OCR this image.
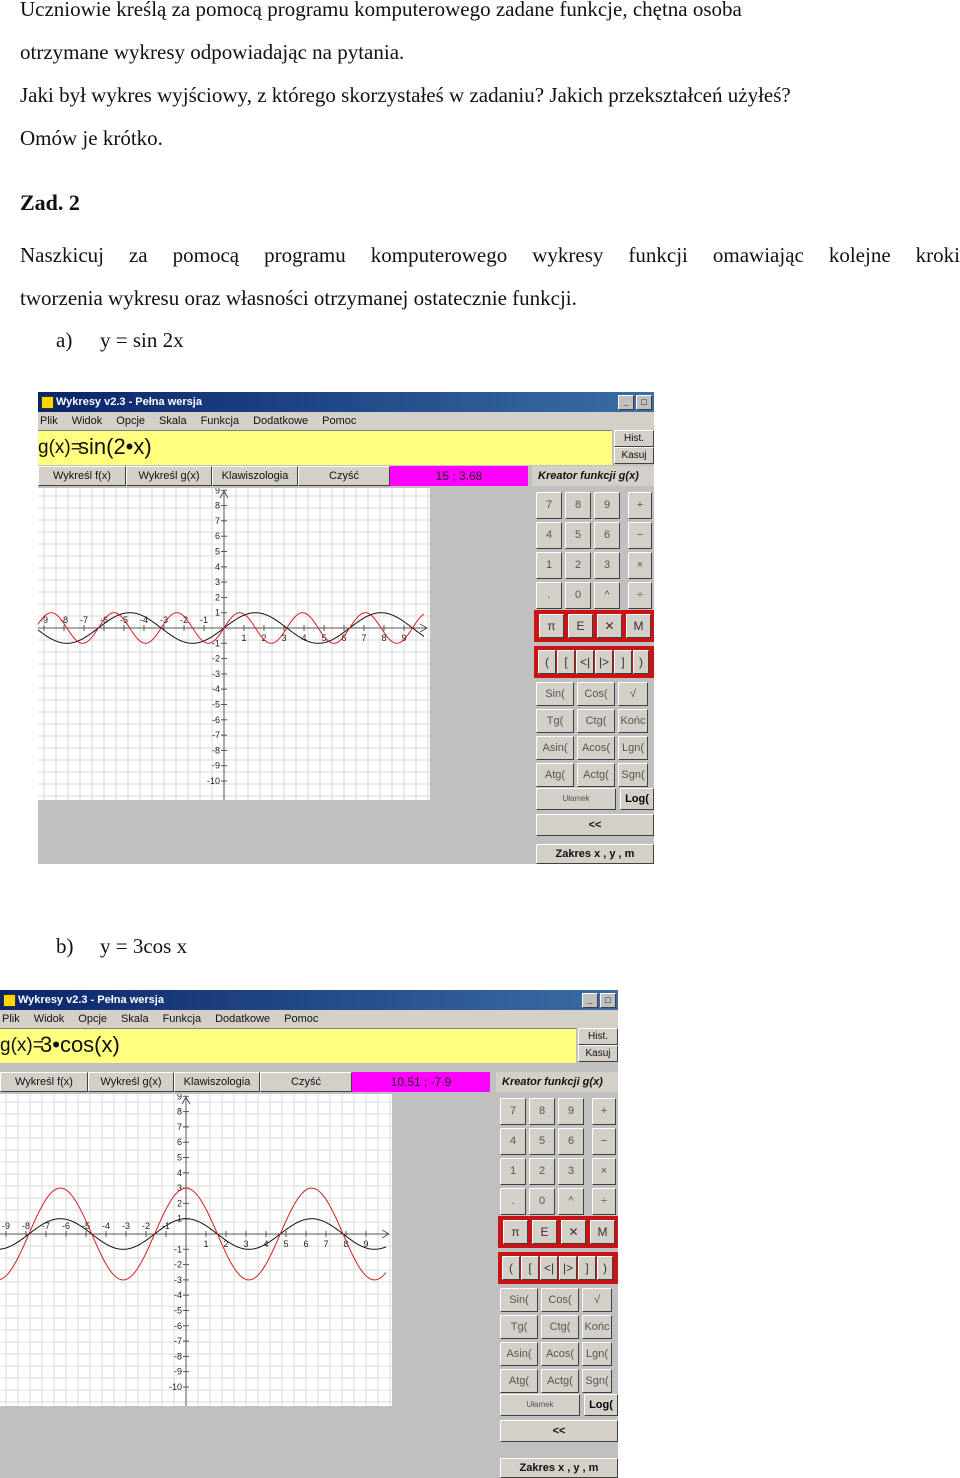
Uczniowie kreślą za pomocą programu komputerowego zadane funkcje, chętna osoba
otrzymane wykresy odpowiadając na pytania.
Jaki był wykres wyjściowy, z którego skorzystałeś w zadaniu? Jakich przekształceń użyłeś?
Omów je krótko.
Zad. 2
Naszkicuj za pomocą programu komputerowego wykresy funkcji omawiając kolejne kroki
tworzenia wykresu oraz własności otrzymanej ostatecznie funkcji.
a) y = sin 2x
b) y = 3cos x
Wykresy v2.3 - Pełna wersja	_	□
Plik Widok Opcje Skala Funkcja Dodatkowe Pomoc
g(x)=
sin(2•x)	Hist.
Kasuj
Wykreśl f(x)	Wykreśl g(x)	Klawiszologia	Czyść	15 ; 3.68	Kreator funkcji g(x)
-9 -8 -7 -6 -5 -4 -3 -2 -1
1 2 3 4 5 6 7 8 9
9
8
7
6
5
4
3
2
1
-1
-2
-3
-4
-5
-6
-7
-8
-9
-10
7	8	9	+
4	5	6	−
1	2	3	×
.	0	^	÷
π	E	✕	M
(	[	<| |>	]	)
Sin(	Cos(	√
Tg(	Ctg(	Końc
Asin(	Acos(	Lgn(
Atg(	Actg(	Sgn(
Ułamek	Log(
<<
Zakres x , y , m
Wykresy v2.3 - Pełna wersja	_	□
Plik Widok Opcje Skala Funkcja Dodatkowe Pomoc
g(x)=
3•cos(x)	Hist.
Kasuj
Wykreśl f(x)	Wykreśl g(x)	Klawiszologia	Czyść	10.51 ; -7.9	Kreator funkcji g(x)
-9 -8 -7 -6 -5 -4 -3 -2 -1
1 2 3 4 5 6 7 8 9
9
8
7
6
5
4
3
2
1
-1
-2
-3
-4
-5
-6
-7
-8
-9
-10
7	8	9	+
4	5	6	−
1	2	3	×
.	0	^	÷
π	E	✕	M
(	[	<| |>	]	)
Sin(	Cos(	√
Tg(	Ctg(	Końc
Asin(	Acos(	Lgn(
Atg(	Actg(	Sgn(
Ułamek	Log(
<<
Zakres x , y , m
